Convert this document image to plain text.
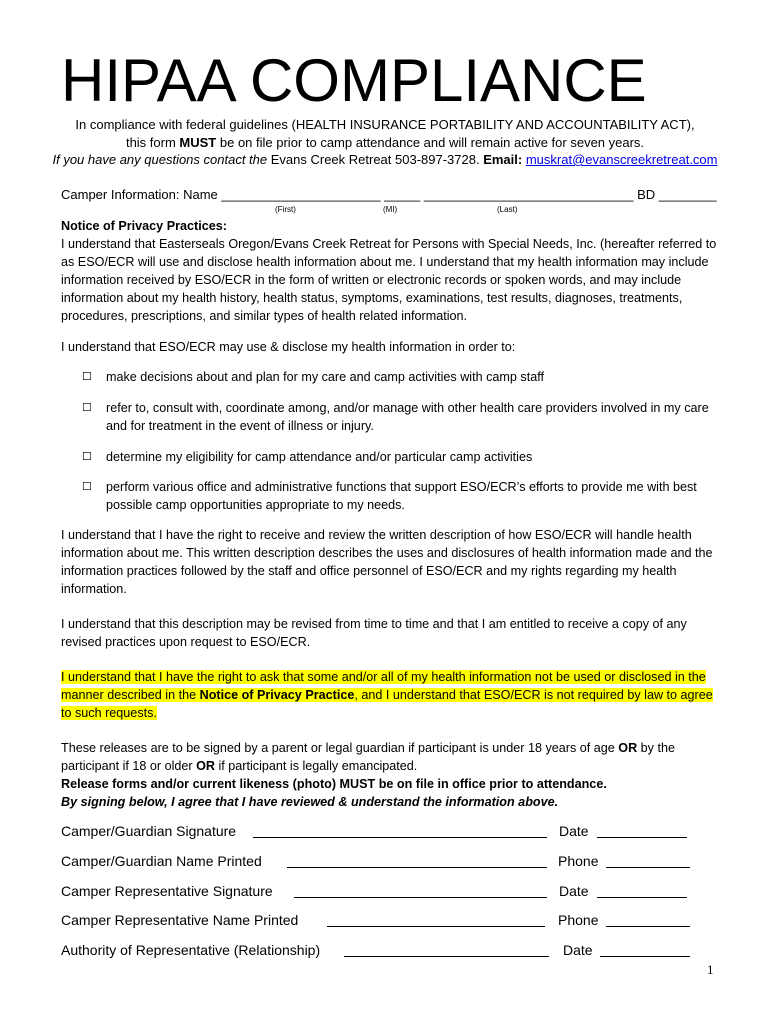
HIPAA COMPLIANCE
In compliance with federal guidelines (HEALTH INSURANCE PORTABILITY AND ACCOUNTABILITY ACT),
this form MUST be on file prior to camp attendance and will remain active for seven years.
If you have any questions contact the Evans Creek Retreat 503-897-3728. Email: muskrat@evanscreekretreat.com
Camper Information: Name ______________________ _____ _____________________________ BD ________
(First)	(MI)	(Last)
Notice of Privacy Practices:
I understand that Easterseals Oregon/Evans Creek Retreat for Persons with Special Needs, Inc. (hereafter referred to as ESO/ECR will use and disclose health information about me. I understand that my health information may include information received by ESO/ECR in the form of written or electronic records or spoken words, and may include information about my health history, health status, symptoms, examinations, test results, diagnoses, treatments, procedures, prescriptions, and similar types of health related information.
I understand that ESO/ECR may use & disclose my health information in order to:
☐ make decisions about and plan for my care and camp activities with camp staff
☐ refer to, consult with, coordinate among, and/or manage with other health care providers involved in my care and for treatment in the event of illness or injury.
☐ determine my eligibility for camp attendance and/or particular camp activities
☐ perform various office and administrative functions that support ESO/ECR’s efforts to provide me with best possible camp opportunities appropriate to my needs.
I understand that I have the right to receive and review the written description of how ESO/ECR will handle health information about me. This written description describes the uses and disclosures of health information made and the information practices followed by the staff and office personnel of ESO/ECR and my rights regarding my health information.
I understand that this description may be revised from time to time and that I am entitled to receive a copy of any revised practices upon request to ESO/ECR.
I understand that I have the right to ask that some and/or all of my health information not be used or disclosed in the manner described in the Notice of Privacy Practice, and I understand that ESO/ECR is not required by law to agree to such requests.
These releases are to be signed by a parent or legal guardian if participant is under 18 years of age OR by the participant if 18 or older OR if participant is legally emancipated.
Release forms and/or current likeness (photo) MUST be on file in office prior to attendance.
By signing below, I agree that I have reviewed & understand the information above.
Camper/Guardian Signature	Date
Camper/Guardian Name Printed	Phone
Camper Representative Signature	Date
Camper Representative Name Printed	Phone
Authority of Representative (Relationship)	Date
1
